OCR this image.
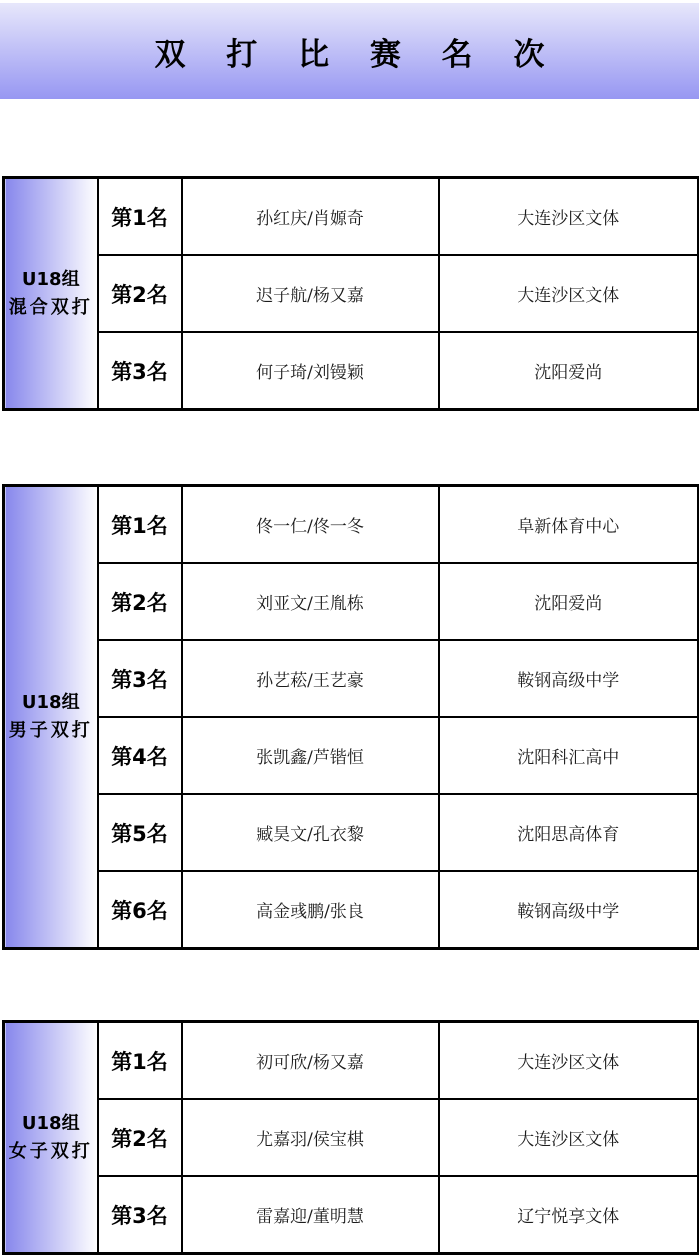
双 打 比 赛 名 次
U18组
混合双打	第1名	孙红庆/肖嫄奇	大连沙区文体
	第2名	迟子航/杨又嘉	大连沙区文体
	第3名	何子琦/刘镘颖	沈阳爱尚
U18组
男子双打	第1名	佟一仁/佟一冬	阜新体育中心
	第2名	刘亚文/王胤栋	沈阳爱尚
	第3名	孙艺菘/王艺豪	鞍钢高级中学
	第4名	张凯鑫/芦锴恒	沈阳科汇高中
	第5名	臧昊文/孔衣黎	沈阳思高体育
	第6名	高金彧鹏/张良	鞍钢高级中学
U18组
女子双打	第1名	初可欣/杨又嘉	大连沙区文体
	第2名	尤嘉羽/侯宝棋	大连沙区文体
	第3名	雷嘉迎/董明慧	辽宁悦享文体
